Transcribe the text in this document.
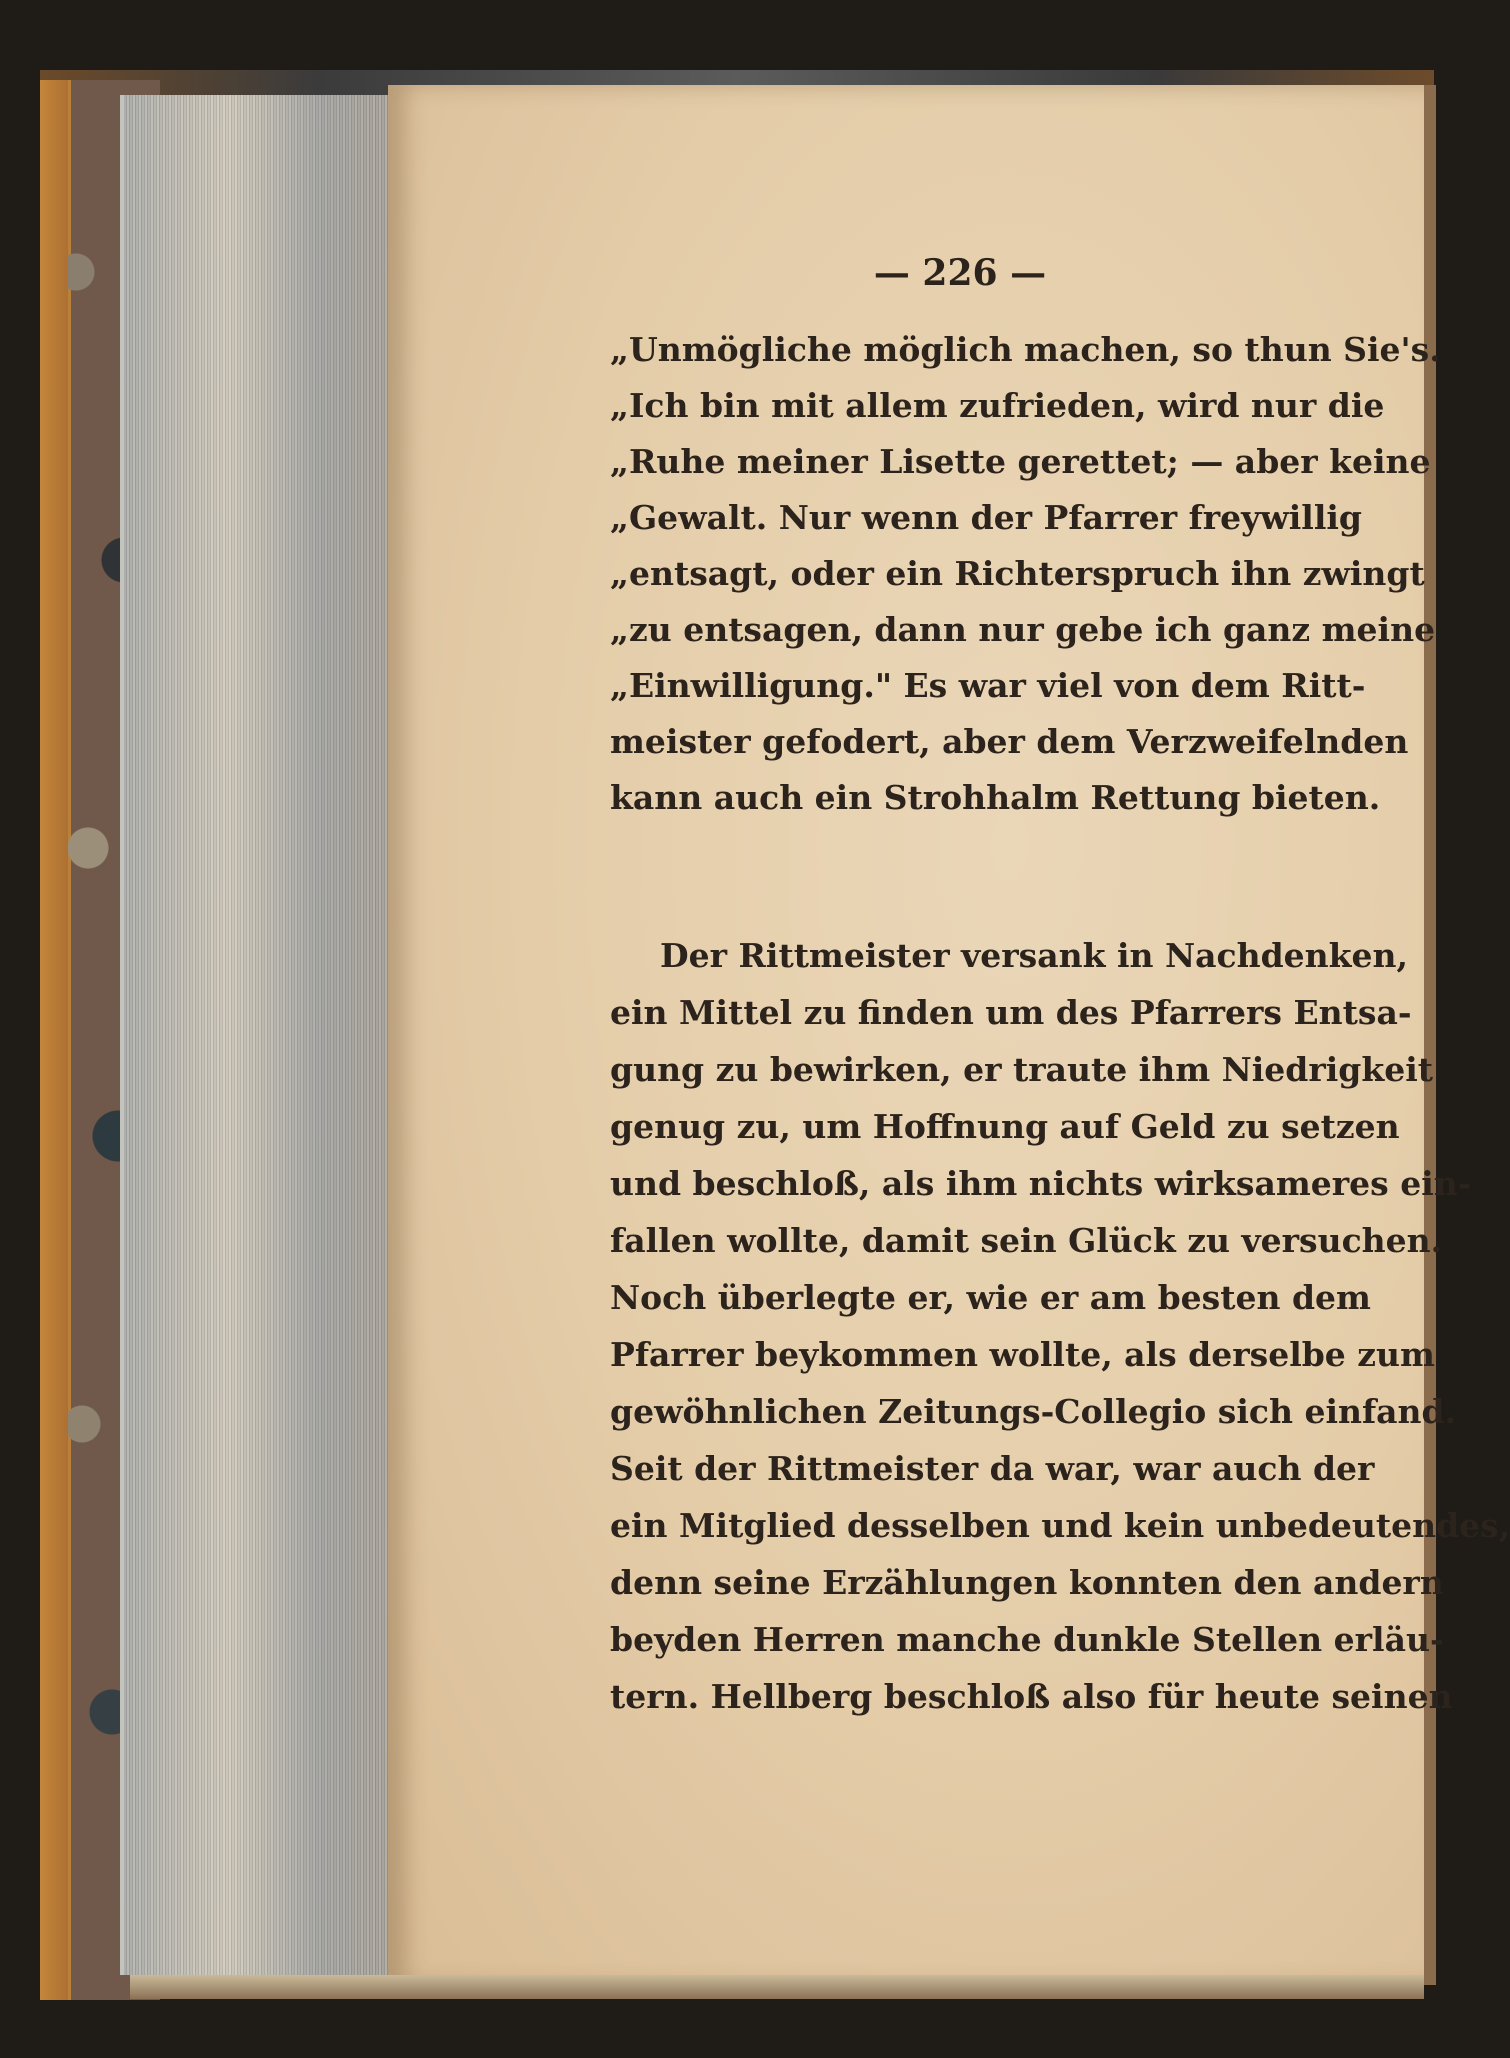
— 226 —
„Unmögliche möglich machen, so thun Sie's.
„Ich bin mit allem zufrieden, wird nur die
„Ruhe meiner Lisette gerettet; — aber keine
„Gewalt. Nur wenn der Pfarrer freywillig
„entsagt, oder ein Richterspruch ihn zwingt
„zu entsagen, dann nur gebe ich ganz meine
„Einwilligung." Es war viel von dem Ritt-
meister gefodert, aber dem Verzweifelnden
kann auch ein Strohhalm Rettung bieten.
Der Rittmeister versank in Nachdenken,
ein Mittel zu finden um des Pfarrers Entsa-
gung zu bewirken, er traute ihm Niedrigkeit
genug zu, um Hoffnung auf Geld zu setzen
und beschloß, als ihm nichts wirksameres ein-
fallen wollte, damit sein Glück zu versuchen.
Noch überlegte er, wie er am besten dem
Pfarrer beykommen wollte, als derselbe zum
gewöhnlichen Zeitungs-Collegio sich einfand.
Seit der Rittmeister da war, war auch der
ein Mitglied desselben und kein unbedeutendes,
denn seine Erzählungen konnten den andern
beyden Herren manche dunkle Stellen erläu-
tern. Hellberg beschloß also für heute seinen
